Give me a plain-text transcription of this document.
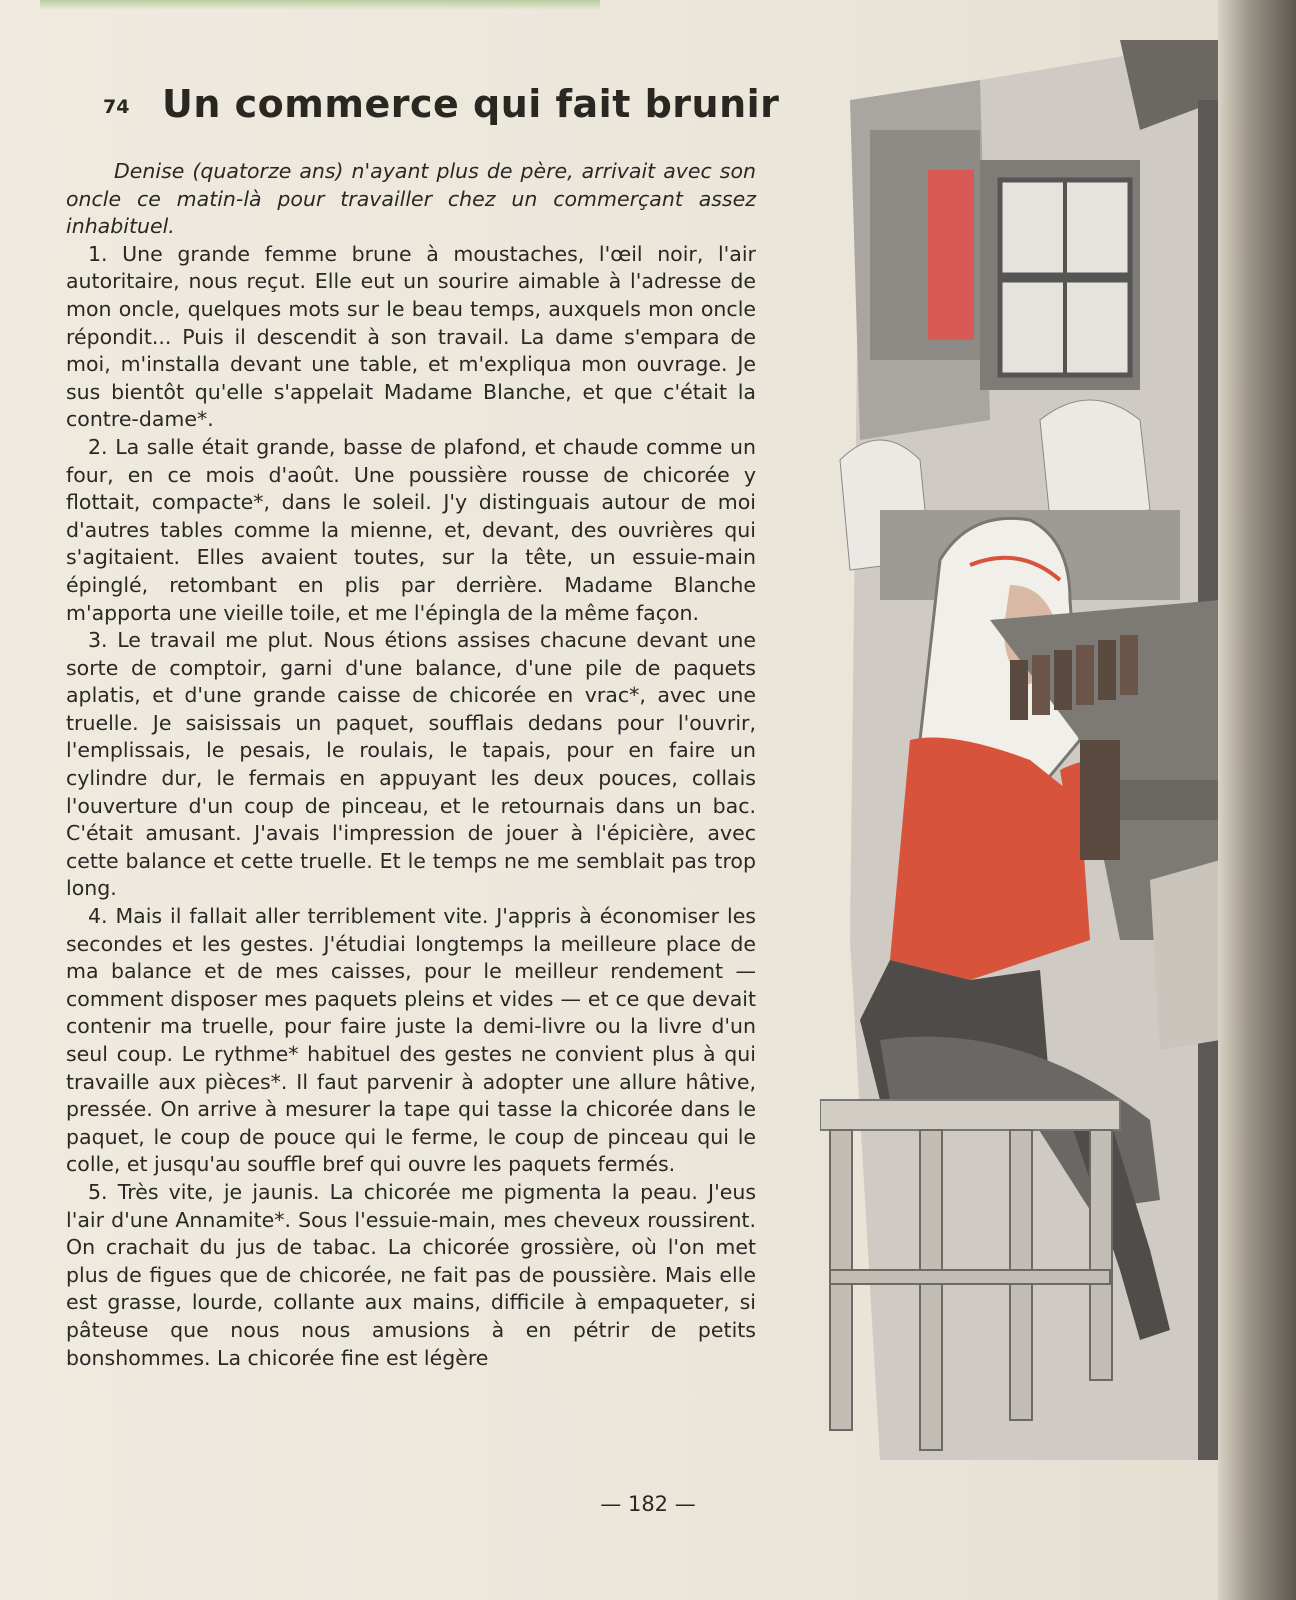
74 Un commerce qui fait brunir

Denise (quatorze ans) n'ayant plus de père, arrivait avec son oncle ce matin-là pour travailler chez un commerçant assez inhabituel.

1. Une grande femme brune à moustaches, l'œil noir, l'air autoritaire, nous reçut. Elle eut un sourire aimable à l'adresse de mon oncle, quelques mots sur le beau temps, auxquels mon oncle répondit... Puis il descendit à son travail. La dame s'empara de moi, m'installa devant une table, et m'expliqua mon ouvrage. Je sus bientôt qu'elle s'appelait Madame Blanche, et que c'était la contre-dame*.

2. La salle était grande, basse de plafond, et chaude comme un four, en ce mois d'août. Une poussière rousse de chicorée y flottait, compacte*, dans le soleil. J'y distinguais autour de moi d'autres tables comme la mienne, et, devant, des ouvrières qui s'agitaient. Elles avaient toutes, sur la tête, un essuie-main épinglé, retombant en plis par derrière. Madame Blanche m'apporta une vieille toile, et me l'épingla de la même façon.

3. Le travail me plut. Nous étions assises chacune devant une sorte de comptoir, garni d'une balance, d'une pile de paquets aplatis, et d'une grande caisse de chicorée en vrac*, avec une truelle. Je saisissais un paquet, soufflais dedans pour l'ouvrir, l'emplissais, le pesais, le roulais, le tapais, pour en faire un cylindre dur, le fermais en appuyant les deux pouces, collais l'ouverture d'un coup de pinceau, et le retournais dans un bac. C'était amusant. J'avais l'impression de jouer à l'épicière, avec cette balance et cette truelle. Et le temps ne me semblait pas trop long.

4. Mais il fallait aller terriblement vite. J'appris à économiser les secondes et les gestes. J'étudiai longtemps la meilleure place de ma balance et de mes caisses, pour le meilleur rendement — comment disposer mes paquets pleins et vides — et ce que devait contenir ma truelle, pour faire juste la demi-livre ou la livre d'un seul coup. Le rythme* habituel des gestes ne convient plus à qui travaille aux pièces*. Il faut parvenir à adopter une allure hâtive, pressée. On arrive à mesurer la tape qui tasse la chicorée dans le paquet, le coup de pouce qui le ferme, le coup de pinceau qui le colle, et jusqu'au souffle bref qui ouvre les paquets fermés.

5. Très vite, je jaunis. La chicorée me pigmenta la peau. J'eus l'air d'une Annamite*. Sous l'essuie-main, mes cheveux roussirent. On crachait du jus de tabac. La chicorée grossière, où l'on met plus de figues que de chicorée, ne fait pas de poussière. Mais elle est grasse, lourde, collante aux mains, difficile à empaqueter, si pâteuse que nous nous amusions à en pétrir de petits bonshommes. La chicorée fine est légère

— 182 —
